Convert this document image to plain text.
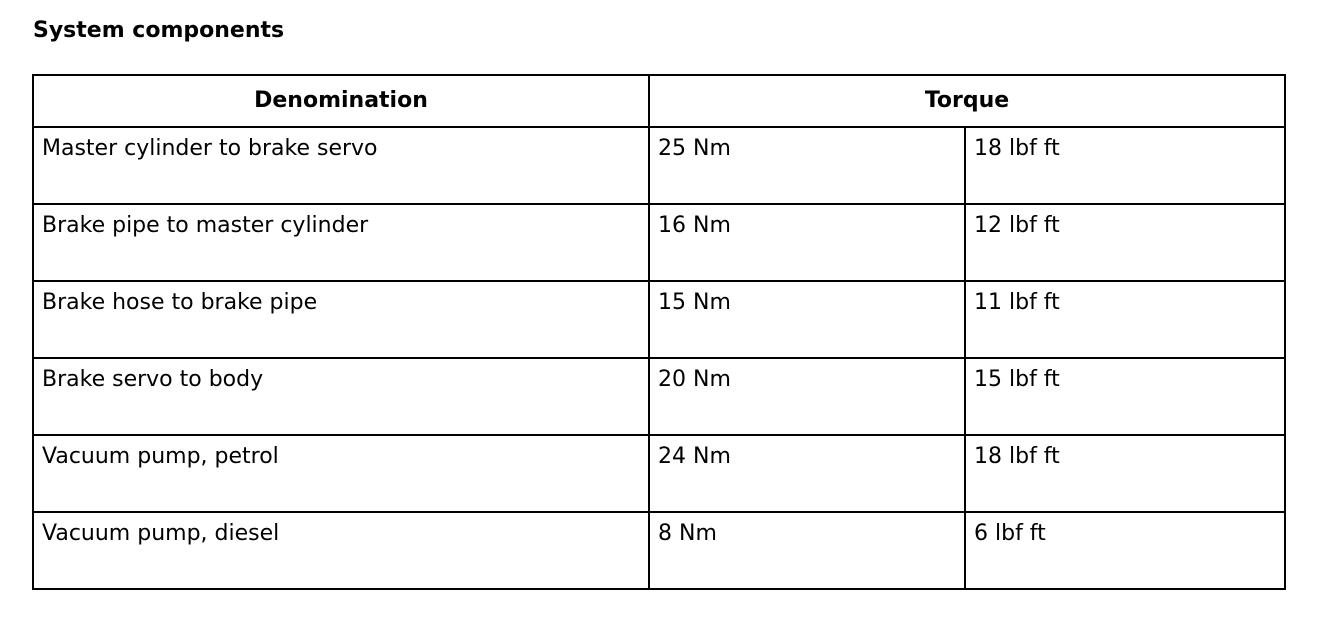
System components
Denomination	Torque	
Master cylinder to brake servo	25 Nm	18 lbf ft
Brake pipe to master cylinder	16 Nm	12 lbf ft
Brake hose to brake pipe	15 Nm	11 lbf ft
Brake servo to body	20 Nm	15 lbf ft
Vacuum pump, petrol	24 Nm	18 lbf ft
Vacuum pump, diesel	8 Nm	6 lbf ft
